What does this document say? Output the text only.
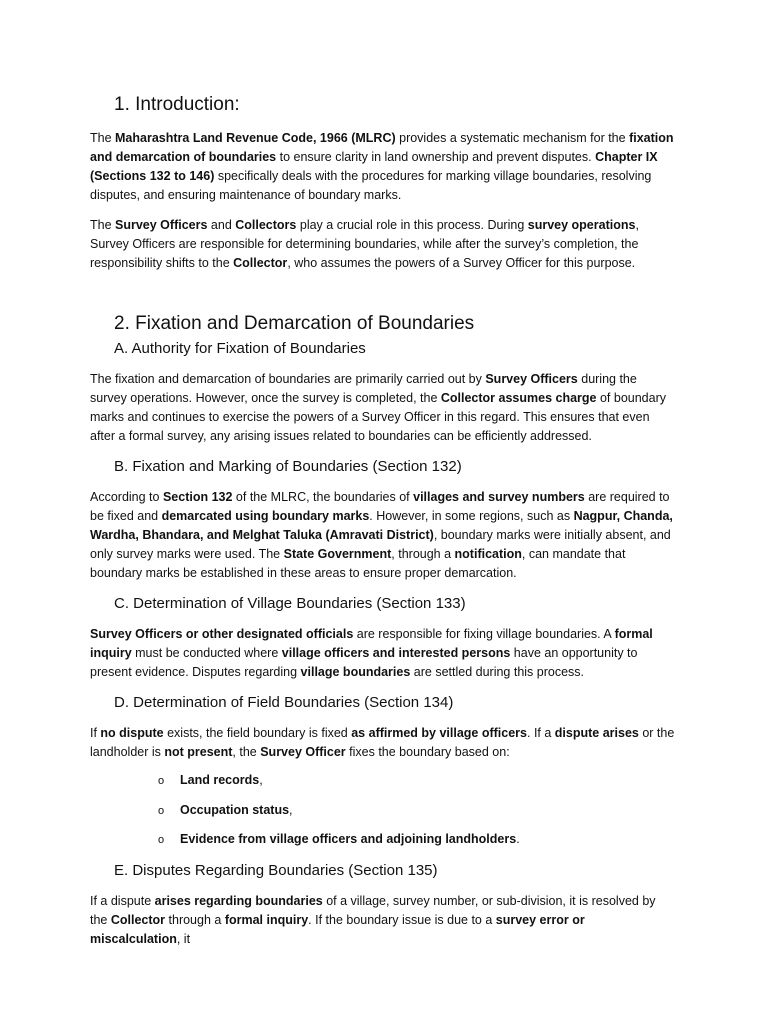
1. Introduction:

The Maharashtra Land Revenue Code, 1966 (MLRC) provides a systematic mechanism for the fixation and demarcation of boundaries to ensure clarity in land ownership and prevent disputes. Chapter IX (Sections 132 to 146) specifically deals with the procedures for marking village boundaries, resolving disputes, and ensuring maintenance of boundary marks.

The Survey Officers and Collectors play a crucial role in this process. During survey operations, Survey Officers are responsible for determining boundaries, while after the survey’s completion, the responsibility shifts to the Collector, who assumes the powers of a Survey Officer for this purpose.

2. Fixation and Demarcation of Boundaries
A. Authority for Fixation of Boundaries

The fixation and demarcation of boundaries are primarily carried out by Survey Officers during the survey operations. However, once the survey is completed, the Collector assumes charge of boundary marks and continues to exercise the powers of a Survey Officer in this regard. This ensures that even after a formal survey, any arising issues related to boundaries can be efficiently addressed.

B. Fixation and Marking of Boundaries (Section 132)

According to Section 132 of the MLRC, the boundaries of villages and survey numbers are required to be fixed and demarcated using boundary marks. However, in some regions, such as Nagpur, Chanda, Wardha, Bhandara, and Melghat Taluka (Amravati District), boundary marks were initially absent, and only survey marks were used. The State Government, through a notification, can mandate that boundary marks be established in these areas to ensure proper demarcation.

C. Determination of Village Boundaries (Section 133)

Survey Officers or other designated officials are responsible for fixing village boundaries. A formal inquiry must be conducted where village officers and interested persons have an opportunity to present evidence. Disputes regarding village boundaries are settled during this process.

D. Determination of Field Boundaries (Section 134)

If no dispute exists, the field boundary is fixed as affirmed by village officers. If a dispute arises or the landholder is not present, the Survey Officer fixes the boundary based on:

o Land records,

o Occupation status,

o Evidence from village officers and adjoining landholders.

E. Disputes Regarding Boundaries (Section 135)

If a dispute arises regarding boundaries of a village, survey number, or sub-division, it is resolved by the Collector through a formal inquiry. If the boundary issue is due to a survey error or miscalculation, it
